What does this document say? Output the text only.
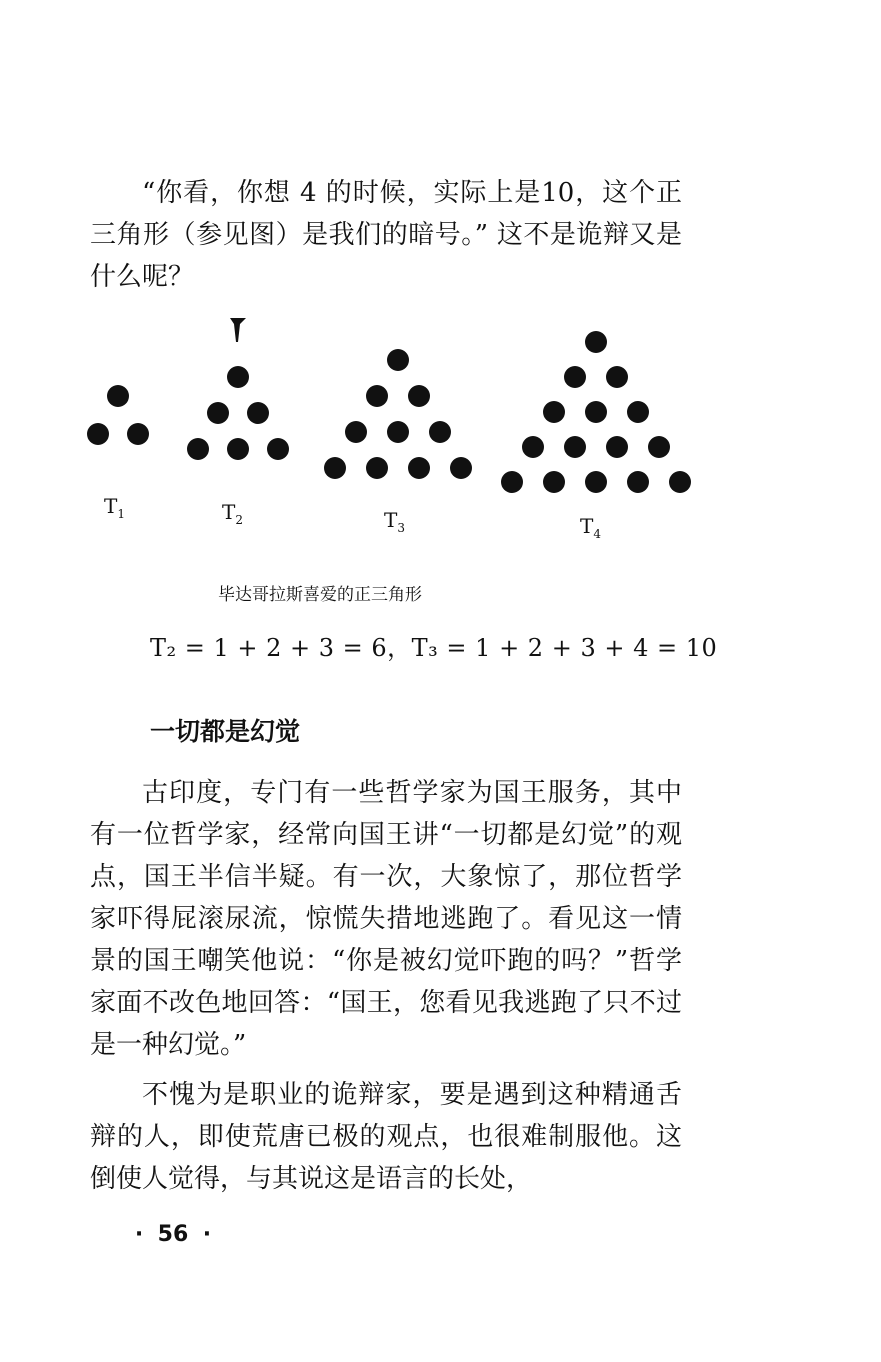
“你看，你想 4 的时候，实际上是10，这个正三角形（参见图）是我们的暗号。” 这不是诡辩又是什么呢？

$T_1$	$T_2$	$T_3$	$T_4$

毕达哥拉斯喜爱的正三角形

T₂ = 1 + 2 + 3 = 6，T₃ = 1 + 2 + 3 + 4 = 10

一切都是幻觉

古印度，专门有一些哲学家为国王服务，其中有一位哲学家，经常向国王讲“一切都是幻觉”的观点，国王半信半疑。有一次，大象惊了，那位哲学家吓得屁滚尿流，惊慌失措地逃跑了。看见这一情景的国王嘲笑他说：“你是被幻觉吓跑的吗？”哲学家面不改色地回答：“国王，您看见我逃跑了只不过是一种幻觉。”

不愧为是职业的诡辩家，要是遇到这种精通舌辩的人，即使荒唐已极的观点，也很难制服他。这倒使人觉得，与其说这是语言的长处，

· 56 ·
